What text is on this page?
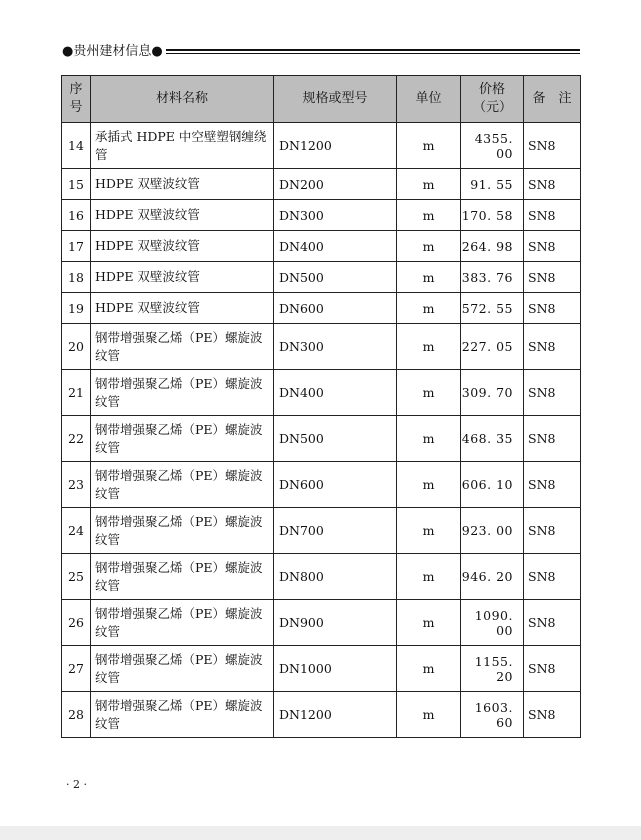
●贵州建材信息●
序号	材料名称	规格或型号	单位	价格（元）	备　注
14	承插式 HDPE 中空壁塑钢缠绕管	DN1200	m	4355. 00	SN8
15	HDPE 双壁波纹管	DN200	m	91. 55	SN8
16	HDPE 双壁波纹管	DN300	m	170. 58	SN8
17	HDPE 双壁波纹管	DN400	m	264. 98	SN8
18	HDPE 双壁波纹管	DN500	m	383. 76	SN8
19	HDPE 双壁波纹管	DN600	m	572. 55	SN8
20	钢带增强聚乙烯（PE）螺旋波纹管	DN300	m	227. 05	SN8
21	钢带增强聚乙烯（PE）螺旋波纹管	DN400	m	309. 70	SN8
22	钢带增强聚乙烯（PE）螺旋波纹管	DN500	m	468. 35	SN8
23	钢带增强聚乙烯（PE）螺旋波纹管	DN600	m	606. 10	SN8
24	钢带增强聚乙烯（PE）螺旋波纹管	DN700	m	923. 00	SN8
25	钢带增强聚乙烯（PE）螺旋波纹管	DN800	m	946. 20	SN8
26	钢带增强聚乙烯（PE）螺旋波纹管	DN900	m	1090. 00	SN8
27	钢带增强聚乙烯（PE）螺旋波纹管	DN1000	m	1155. 20	SN8
28	钢带增强聚乙烯（PE）螺旋波纹管	DN1200	m	1603. 60	SN8
· 2 ·
